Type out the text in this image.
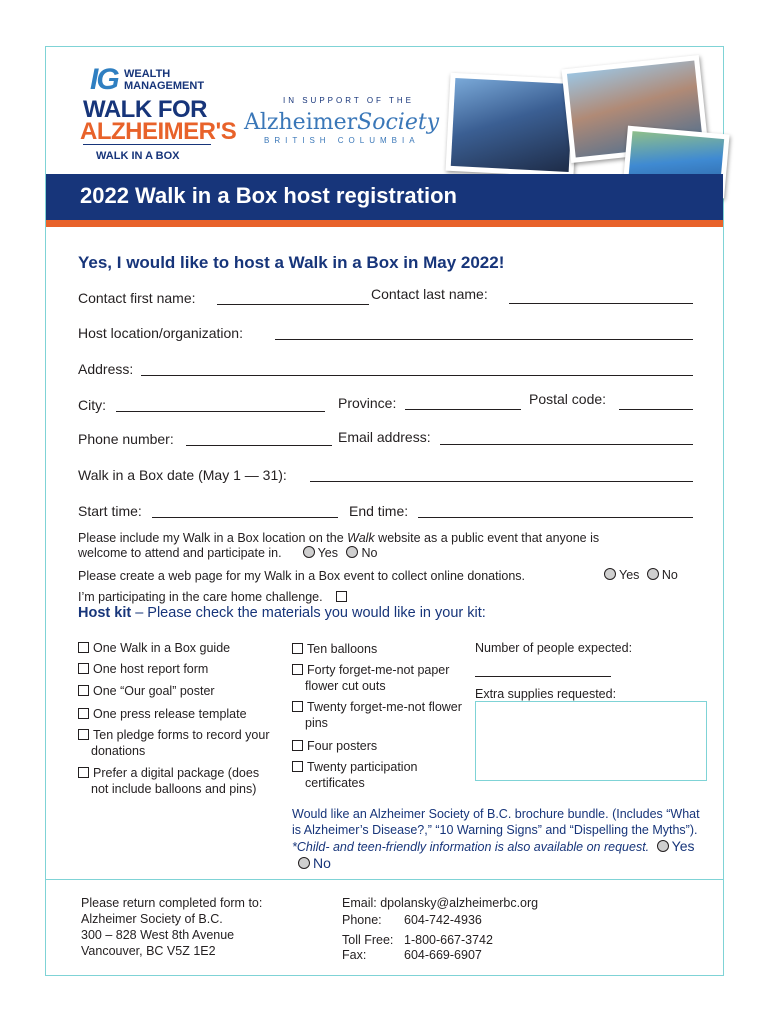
IG WEALTH
MANAGEMENT
WALK FOR
ALZHEIMER'S
WALK IN A BOX
IN SUPPORT OF THE
AlzheimerSociety
BRITISH COLUMBIA
2022 Walk in a Box host registration
Yes, I would like to host a Walk in a Box in May 2022!
Contact first name:	Contact last name:
Host location/organization:
Address:
City:	Province:	Postal code:
Phone number:	Email address:
Walk in a Box date (May 1 — 31):
Start time:	End time:
Please include my Walk in a Box location on the Walk website as a public event that anyone is
welcome to attend and participate in.	Yes No
Please create a web page for my Walk in a Box event to collect online donations.	Yes No
I’m participating in the care home challenge.
Host kit – Please check the materials you would like in your kit:
One Walk in a Box guide
One host report form
One “Our goal” poster
One press release template
Ten pledge forms to record your donations
Prefer a digital package (does not include balloons and pins)
Ten balloons
Forty forget-me-not paper flower cut outs
Twenty forget-me-not flower pins
Four posters
Twenty participation certificates
Number of people expected:
Extra supplies requested:
Would like an Alzheimer Society of B.C. brochure bundle. (Includes “What is Alzheimer’s Disease?,” “10 Warning Signs” and “Dispelling the Myths”). *Child- and teen-friendly information is also available on request. Yes No
Please return completed form to:
Alzheimer Society of B.C.
300 – 828 West 8th Avenue
Vancouver, BC V5Z 1E2
Email: dpolansky@alzheimerbc.org
Phone: 604-742-4936
Toll Free: 1-800-667-3742
Fax:	604-669-6907
